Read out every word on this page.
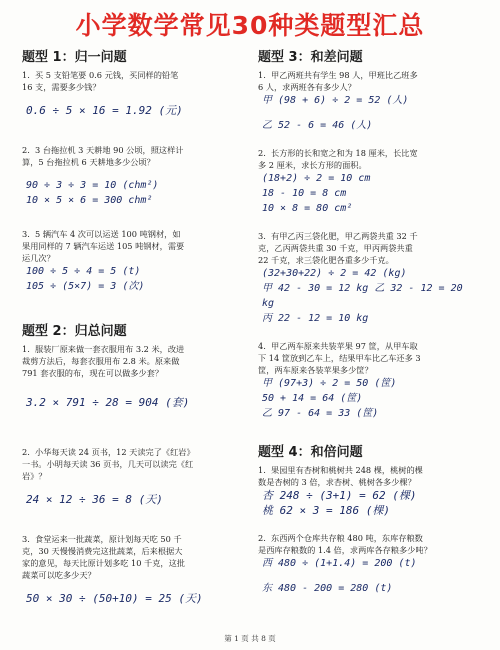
小学数学常见30种类题型汇总
题型 1：归一问题
1.  买 5 支铅笔要 0.6 元钱，买同样的铅笔
16 支，需要多少钱？
0.6 ÷ 5 × 16 = 1.92 (元)
2.  3 台拖拉机 3 天耕地 90 公顷，照这样计
算，5 台拖拉机 6 天耕地多少公顷？
90 ÷ 3 ÷ 3 = 10 (chm²)
10 × 5 × 6 = 300 chm²
3.  5 辆汽车 4 次可以运送 100 吨钢材，如
果用同样的 7 辆汽车运送 105 吨钢材，需要
运几次？
100 ÷ 5 ÷ 4 = 5 (t)
105 ÷ (5×7) = 3 (次)
题型 2：归总问题
1.  服装厂原来做一套衣服用布 3.2 米，改进
裁剪方法后，每套衣服用布 2.8 米。原来做
791 套衣服的布，现在可以做多少套？
3.2 × 791 ÷ 28 = 904 (套)
2.  小华每天读 24 页书，12 天读完了《红岩》
一书。小明每天读 36 页书，几天可以读完《红
岩》？
24 × 12 ÷ 36 = 8 (天)
3.  食堂运来一批蔬菜，原计划每天吃 50 千
克，30 天慢慢消费完这批蔬菜，后来根据大
家的意见，每天比原计划多吃 10 千克，这批
蔬菜可以吃多少天？
50 × 30 ÷ (50+10) = 25 (天)
题型 3：和差问题
1.  甲乙两班共有学生 98 人，甲班比乙班多
6 人，求两班各有多少人？
甲 (98 + 6) ÷ 2 = 52 (人)
乙 52 - 6 = 46 (人)
2.  长方形的长和宽之和为 18 厘米，长比宽
多 2 厘米，求长方形的面积。
(18+2) ÷ 2 = 10 cm
18 - 10 = 8 cm
10 × 8 = 80 cm²
3.  有甲乙丙三袋化肥，甲乙两袋共重 32 千
克，乙丙两袋共重 30 千克，甲丙两袋共重
22 千克，求三袋化肥各重多少千克。
(32+30+22) ÷ 2 = 42 (kg)
甲 42 - 30 = 12 kg 乙 32 - 12 = 20 kg
丙 22 - 12 = 10 kg
4.  甲乙两车原来共装苹果 97 筐，从甲车取
下 14 筐放到乙车上，结果甲车比乙车还多 3
筐，两车原来各装苹果多少筐？
甲 (97+3) ÷ 2 = 50 (筐)
50 + 14 = 64 (筐)
乙 97 - 64 = 33 (筐)
题型 4：和倍问题
1.  果园里有杏树和桃树共 248 棵，桃树的棵
数是杏树的 3 倍，求杏树、桃树各多少棵？
杏 248 ÷ (3+1) = 62 (棵)
桃 62 × 3 = 186 (棵)
2.  东西两个仓库共存粮 480 吨，东库存粮数
是西库存粮数的 1.4 倍，求两库各存粮多少吨？
西 480 ÷ (1+1.4) = 200 (t)
东 480 - 200 = 280 (t)
第 1 页 共 8 页
